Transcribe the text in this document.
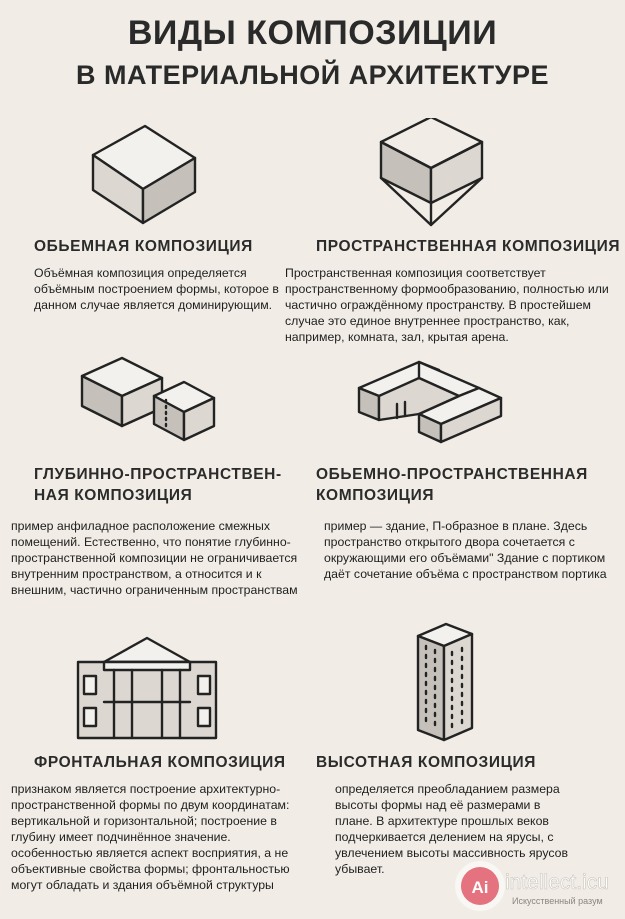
ВИДЫ КОМПОЗИЦИИ
В МАТЕРИАЛЬНОЙ АРХИТЕКТУРЕ
ОБЬЕМНАЯ КОМПОЗИЦИЯ
Объёмная композиция определяется объёмным построением формы, которое в данном случае является доминирующим.
ПРОСТРАНСТВЕННАЯ КОМПОЗИЦИЯ
Пространственная композиция соответствует пространственному формообразованию, полностью или частично ограждённому пространству. В простейшем случае это единое внутреннее пространство, как, например, комната, зал, крытая арена.
ГЛУБИННО-ПРОСТРАНСТВЕН-
НАЯ КОМПОЗИЦИЯ
пример анфиладное расположение смежных помещений. Естественно, что понятие глубинно-пространственной композиции не ограничивается внутренним пространством, а относится и к внешним, частично ограниченным пространствам
ОБЬЕМНО-ПРОСТРАНСТВЕННАЯ
КОМПОЗИЦИЯ
пример — здание, П-образное в плане. Здесь пространство открытого двора сочетается с окружающими его объёмами" Здание с портиком даёт сочетание объёма с пространством портика
ФРОНТАЛЬНАЯ КОМПОЗИЦИЯ
признаком является построение архитектурно-пространственной формы по двум координатам: вертикальной и горизонтальной; построение в глубину имеет подчинённое значение. особенностью является аспект восприятия, а не объективные свойства формы; фронтальностью могут обладать и здания объёмной структуры
ВЫСОТНАЯ КОМПОЗИЦИЯ
определяется преобладанием размера высоты формы над её размерами в плане. В архитектуре прошлых веков подчеркивается делением на ярусы, с увлечением высоты массивность ярусов убывает.
Ai intellect.icu
Искусственный разум
